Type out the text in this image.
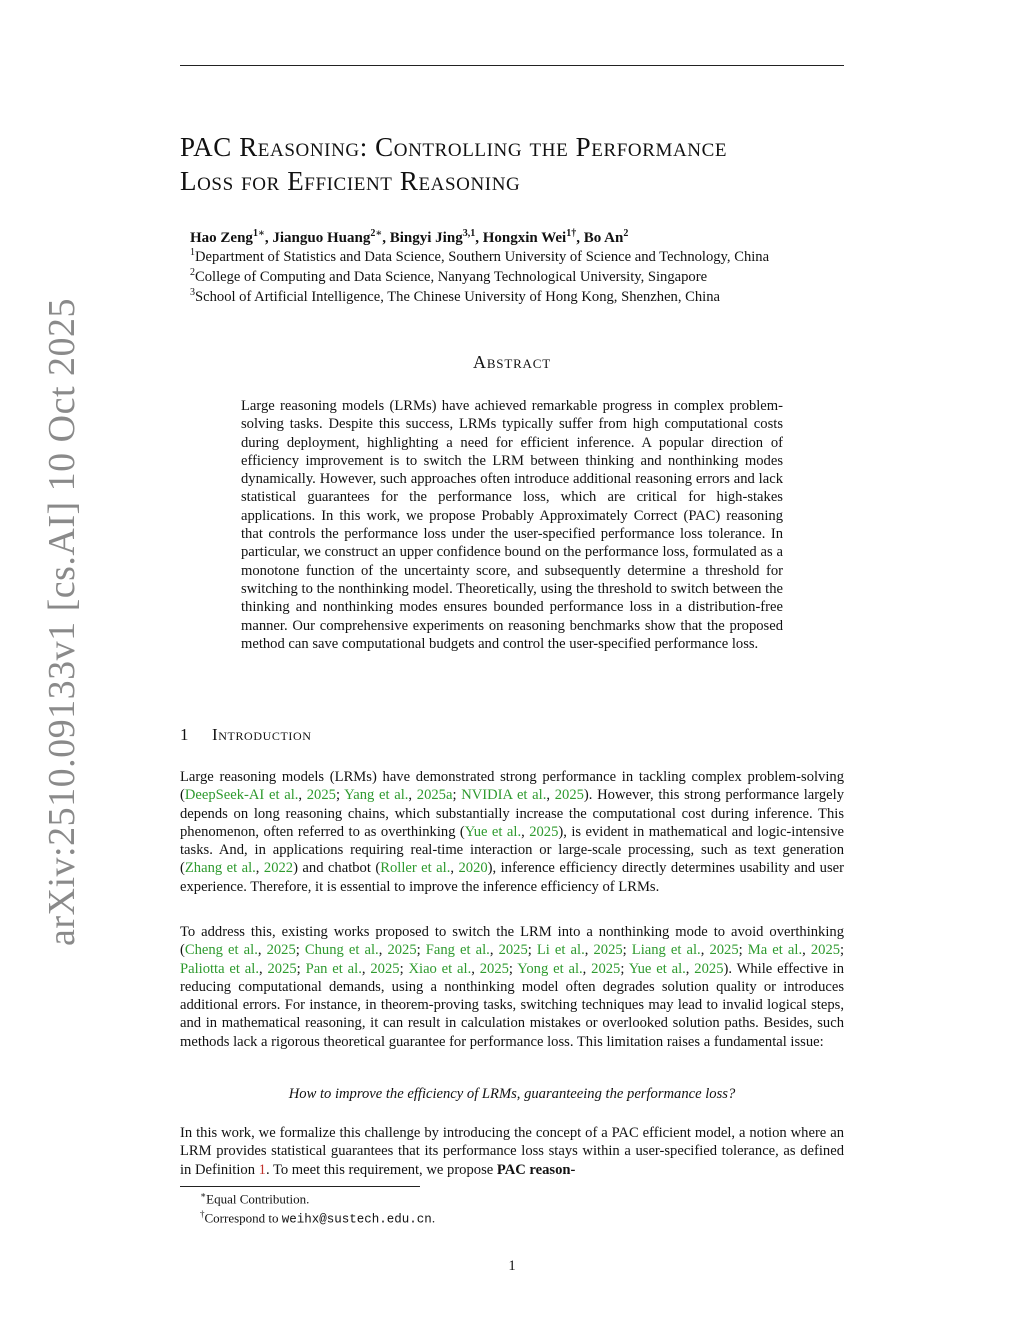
arXiv:2510.09133v1 [cs.AI] 10 Oct 2025
PAC Reasoning: Controlling the Performance
Loss for Efficient Reasoning
Hao Zeng$^{1∗}$, Jianguo Huang$^{2∗}$, Bingyi Jing$^{3,1}$, Hongxin Wei$^{1\dagger}$, Bo An$^2$
$^1$Department of Statistics and Data Science, Southern University of Science and Technology, China
$^2$College of Computing and Data Science, Nanyang Technological University, Singapore
$^3$School of Artificial Intelligence, The Chinese University of Hong Kong, Shenzhen, China
Abstract
Large reasoning models (LRMs) have achieved remarkable progress in complex problem-solving tasks. Despite this success, LRMs typically suffer from high computational costs during deployment, highlighting a need for efficient inference. A popular direction of efficiency improvement is to switch the LRM between thinking and nonthinking modes dynamically. However, such approaches often introduce additional reasoning errors and lack statistical guarantees for the performance loss, which are critical for high-stakes applications. In this work, we propose Probably Approximately Correct (PAC) reasoning that controls the performance loss under the user-specified performance loss tolerance. In particular, we construct an upper confidence bound on the performance loss, formulated as a monotone function of the uncertainty score, and subsequently determine a threshold for switching to the nonthinking model. Theoretically, using the threshold to switch between the thinking and nonthinking modes ensures bounded performance loss in a distribution-free manner. Our comprehensive experiments on reasoning benchmarks show that the proposed method can save computational budgets and control the user-specified performance loss.
1 Introduction
Large reasoning models (LRMs) have demonstrated strong performance in tackling complex problem-solving (DeepSeek-AI et al., 2025; Yang et al., 2025a; NVIDIA et al., 2025). However, this strong performance largely depends on long reasoning chains, which substantially increase the computational cost during inference. This phenomenon, often referred to as overthinking (Yue et al., 2025), is evident in mathematical and logic-intensive tasks. And, in applications requiring real-time interaction or large-scale processing, such as text generation (Zhang et al., 2022) and chatbot (Roller et al., 2020), inference efficiency directly determines usability and user experience. Therefore, it is essential to improve the inference efficiency of LRMs.
To address this, existing works proposed to switch the LRM into a nonthinking mode to avoid overthinking (Cheng et al., 2025; Chung et al., 2025; Fang et al., 2025; Li et al., 2025; Liang et al., 2025; Ma et al., 2025; Paliotta et al., 2025; Pan et al., 2025; Xiao et al., 2025; Yong et al., 2025; Yue et al., 2025). While effective in reducing computational demands, using a nonthinking model often degrades solution quality or introduces additional errors. For instance, in theorem-proving tasks, switching techniques may lead to invalid logical steps, and in mathematical reasoning, it can result in calculation mistakes or overlooked solution paths. Besides, such methods lack a rigorous theoretical guarantee for performance loss. This limitation raises a fundamental issue:
How to improve the efficiency of LRMs, guaranteeing the performance loss?
In this work, we formalize this challenge by introducing the concept of a PAC efficient model, a notion where an LRM provides statistical guarantees that its performance loss stays within a user-specified tolerance, as defined in Definition 1. To meet this requirement, we propose PAC reason-
∗Equal Contribution.
†Correspond to weihx@sustech.edu.cn.
1
